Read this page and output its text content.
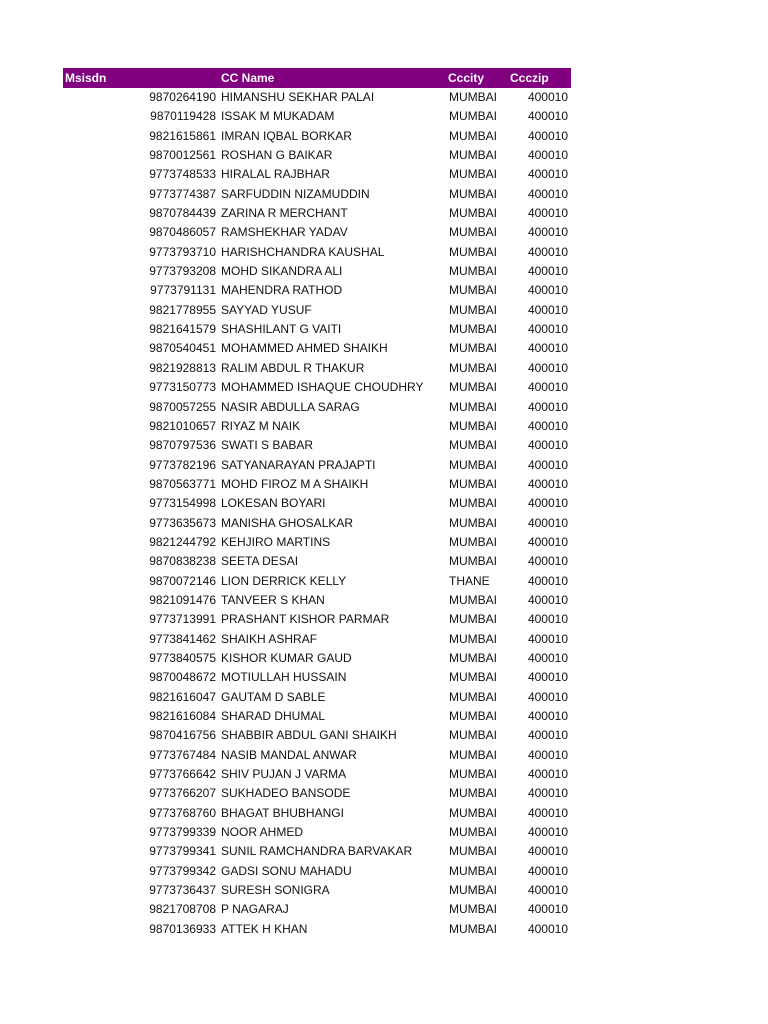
Msisdn	CC Name	Cccity	Ccczip
9870264190 HIMANSHU SEKHAR PALAI	MUMBAI	400010
9870119428 ISSAK M MUKADAM	MUMBAI	400010
9821615861 IMRAN IQBAL BORKAR	MUMBAI	400010
9870012561 ROSHAN G BAIKAR	MUMBAI	400010
9773748533 HIRALAL RAJBHAR	MUMBAI	400010
9773774387 SARFUDDIN NIZAMUDDIN	MUMBAI	400010
9870784439 ZARINA R MERCHANT	MUMBAI	400010
9870486057 RAMSHEKHAR YADAV	MUMBAI	400010
9773793710 HARISHCHANDRA KAUSHAL	MUMBAI	400010
9773793208 MOHD SIKANDRA ALI	MUMBAI	400010
9773791131 MAHENDRA RATHOD	MUMBAI	400010
9821778955 SAYYAD YUSUF	MUMBAI	400010
9821641579 SHASHILANT G VAITI	MUMBAI	400010
9870540451 MOHAMMED AHMED SHAIKH	MUMBAI	400010
9821928813 RALIM ABDUL R THAKUR	MUMBAI	400010
9773150773 MOHAMMED ISHAQUE CHOUDHRY	MUMBAI	400010
9870057255 NASIR ABDULLA SARAG	MUMBAI	400010
9821010657 RIYAZ M NAIK	MUMBAI	400010
9870797536 SWATI S BABAR	MUMBAI	400010
9773782196 SATYANARAYAN PRAJAPTI	MUMBAI	400010
9870563771 MOHD FIROZ M A SHAIKH	MUMBAI	400010
9773154998 LOKESAN BOYARI	MUMBAI	400010
9773635673 MANISHA GHOSALKAR	MUMBAI	400010
9821244792 KEHJIRO MARTINS	MUMBAI	400010
9870838238 SEETA DESAI	MUMBAI	400010
9870072146 LION DERRICK KELLY	THANE	400010
9821091476 TANVEER S KHAN	MUMBAI	400010
9773713991 PRASHANT KISHOR PARMAR	MUMBAI	400010
9773841462 SHAIKH ASHRAF	MUMBAI	400010
9773840575 KISHOR KUMAR GAUD	MUMBAI	400010
9870048672 MOTIULLAH HUSSAIN	MUMBAI	400010
9821616047 GAUTAM D SABLE	MUMBAI	400010
9821616084 SHARAD DHUMAL	MUMBAI	400010
9870416756 SHABBIR ABDUL GANI SHAIKH	MUMBAI	400010
9773767484 NASIB MANDAL ANWAR	MUMBAI	400010
9773766642 SHIV PUJAN J VARMA	MUMBAI	400010
9773766207 SUKHADEO BANSODE	MUMBAI	400010
9773768760 BHAGAT BHUBHANGI	MUMBAI	400010
9773799339 NOOR AHMED	MUMBAI	400010
9773799341 SUNIL RAMCHANDRA BARVAKAR	MUMBAI	400010
9773799342 GADSI SONU MAHADU	MUMBAI	400010
9773736437 SURESH SONIGRA	MUMBAI	400010
9821708708 P NAGARAJ	MUMBAI	400010
9870136933 ATTEK H KHAN	MUMBAI	400010
